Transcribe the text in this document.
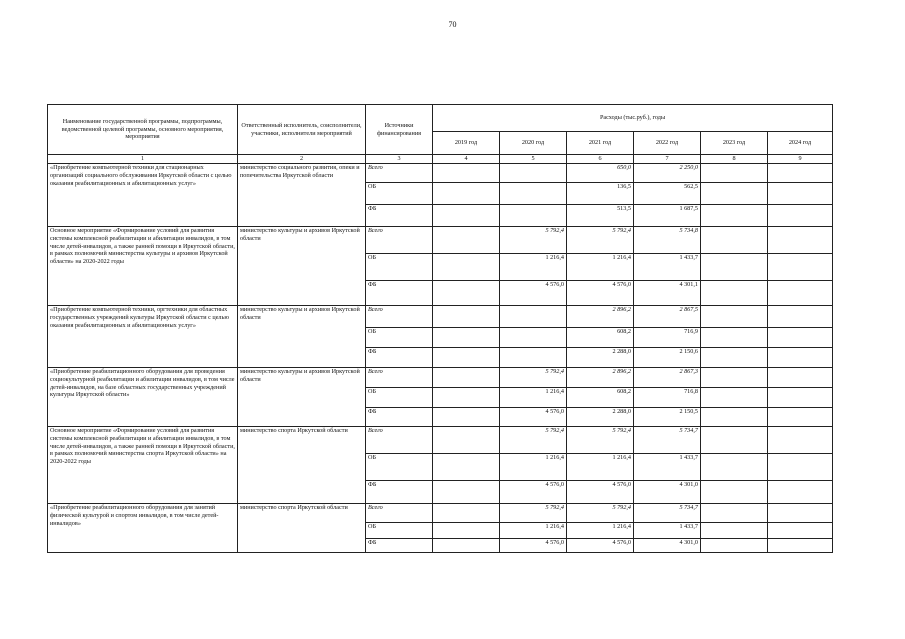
70
Наименование государственной программы, подпрограммы, ведомственной целевой программы, основного мероприятия, мероприятия	Ответственный исполнитель, соисполнители, участники, исполнители мероприятий	Источники финансирования	Расходы (тыс.руб.), годы					
			2019 год	2020 год	2021 год	2022 год	2023 год	2024 год
1	2	3	4	5	6	7	8	9
«Приобретение компьютерной техники для стационарных организаций социального обслуживания Иркутской области с целью оказания реабилитационных и абилитационных услуг»	министерство социального развития, опеки и попечительства Иркутской области	Всего			650,0	2 250,0		
		ОБ			136,5	562,5		
		ФБ			513,5	1 687,5		
Основное мероприятие «Формирование условий для развития системы комплексной реабилитации и абилитации инвалидов, в том числе детей-инвалидов, а также ранней помощи в Иркутской области, в рамках полномочий министерства культуры и архивов Иркутской области» на 2020-2022 годы	министерство культуры и архивов Иркутской области	Всего		5 792,4	5 792,4	5 734,8		
		ОБ		1 216,4	1 216,4	1 433,7		
		ФБ		4 576,0	4 576,0	4 301,1		
«Приобретение компьютерной техники, оргтехники для областных государственных учреждений культуры Иркутской области с целью оказания реабилитационных и абилитационных услуг»	министерство культуры и архивов Иркутской области	Всего			2 896,2	2 867,5		
		ОБ			608,2	716,9		
		ФБ			2 288,0	2 150,6		
«Приобретение реабилитационного оборудования для проведения социокультурной реабилитации и абилитации инвалидов, в том числе детей-инвалидов, на базе областных государственных учреждений культуры Иркутской области»	министерство культуры и архивов Иркутской области	Всего		5 792,4	2 896,2	2 867,3		
		ОБ		1 216,4	608,2	716,8		
		ФБ		4 576,0	2 288,0	2 150,5		
Основное мероприятие «Формирование условий для развития системы комплексной реабилитации и абилитации инвалидов, в том числе детей-инвалидов, а также ранней помощи в Иркутской области, в рамках полномочий министерства спорта Иркутской области» на 2020-2022 годы	министерство спорта Иркутской области	Всего		5 792,4	5 792,4	5 734,7		
		ОБ		1 216,4	1 216,4	1 433,7		
		ФБ		4 576,0	4 576,0	4 301,0		
«Приобретение реабилитационного оборудования для занятий физической культурой и спортом инвалидов, в том числе детей-инвалидов»	министерство спорта Иркутской области	Всего		5 792,4	5 792,4	5 734,7		
		ОБ		1 216,4	1 216,4	1 433,7		
		ФБ		4 576,0	4 576,0	4 301,0		
